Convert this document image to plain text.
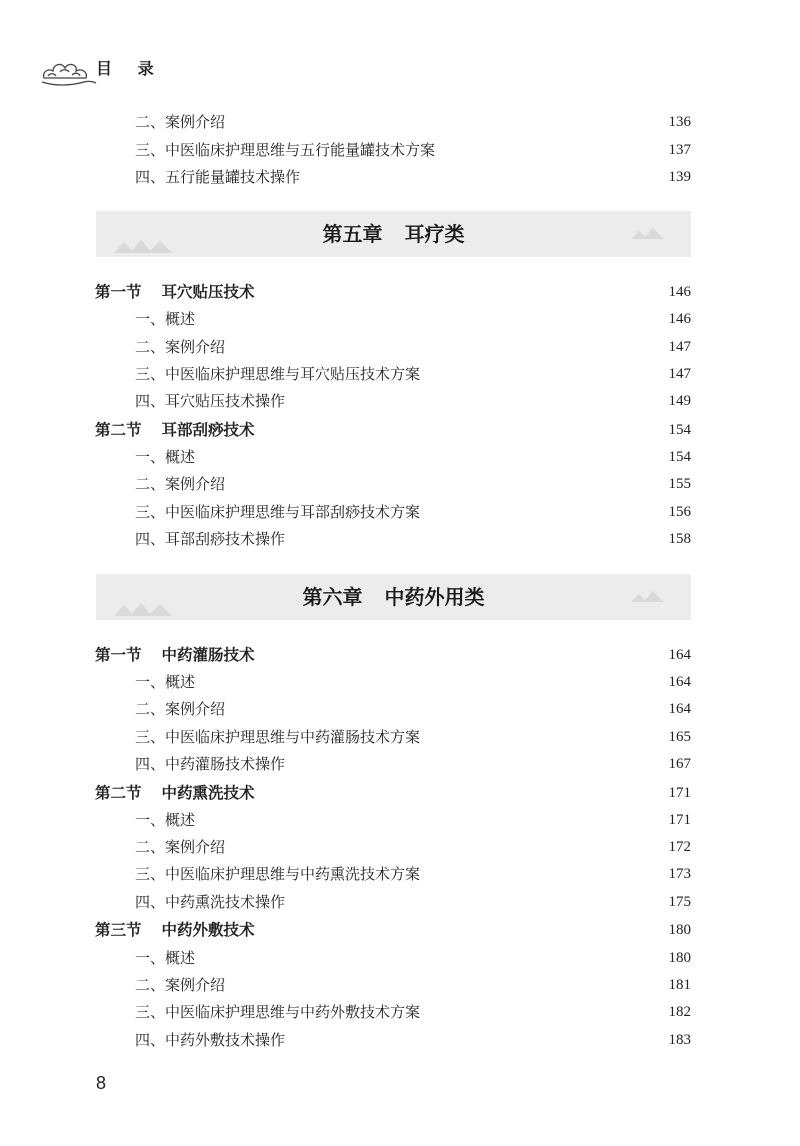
目 录
二、案例介绍	136
三、中医临床护理思维与五行能量罐技术方案	137
四、五行能量罐技术操作	139
第五章 耳疗类
第一节 耳穴贴压技术	146
一、概述	146
二、案例介绍	147
三、中医临床护理思维与耳穴贴压技术方案	147
四、耳穴贴压技术操作	149
第二节 耳部刮痧技术	154
一、概述	154
二、案例介绍	155
三、中医临床护理思维与耳部刮痧技术方案	156
四、耳部刮痧技术操作	158
第六章 中药外用类
第一节 中药灌肠技术	164
一、概述	164
二、案例介绍	164
三、中医临床护理思维与中药灌肠技术方案	165
四、中药灌肠技术操作	167
第二节 中药熏洗技术	171
一、概述	171
二、案例介绍	172
三、中医临床护理思维与中药熏洗技术方案	173
四、中药熏洗技术操作	175
第三节 中药外敷技术	180
一、概述	180
二、案例介绍	181
三、中医临床护理思维与中药外敷技术方案	182
四、中药外敷技术操作	183
8
